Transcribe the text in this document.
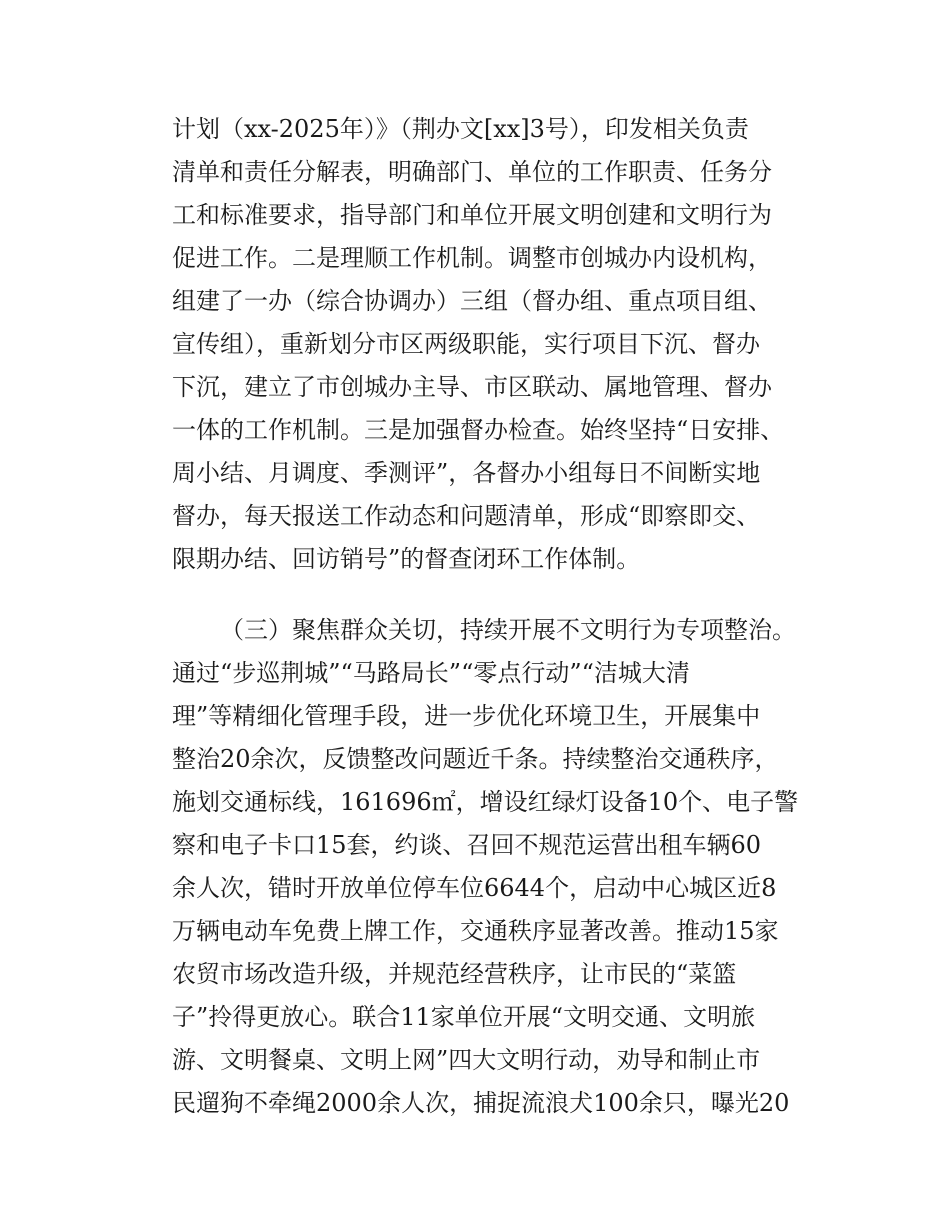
计划（xx-2025年）》（荆办文[xx]3号），印发相关负责
清单和责任分解表，明确部门、单位的工作职责、任务分
工和标准要求，指导部门和单位开展文明创建和文明行为
促进工作。二是理顺工作机制。调整市创城办内设机构，
组建了一办（综合协调办）三组（督办组、重点项目组、
宣传组），重新划分市区两级职能，实行项目下沉、督办
下沉，建立了市创城办主导、市区联动、属地管理、督办
一体的工作机制。三是加强督办检查。始终坚持“日安排、
周小结、月调度、季测评”，各督办小组每日不间断实地
督办，每天报送工作动态和问题清单，形成“即察即交、
限期办结、回访销号”的督查闭环工作体制。
（三）聚焦群众关切，持续开展不文明行为专项整治。
通过“步巡荆城”“马路局长”“零点行动”“洁城大清
理”等精细化管理手段，进一步优化环境卫生，开展集中
整治20余次，反馈整改问题近千条。持续整治交通秩序，
施划交通标线，161696㎡，增设红绿灯设备10个、电子警
察和电子卡口15套，约谈、召回不规范运营出租车辆60
余人次，错时开放单位停车位6644个，启动中心城区近8
万辆电动车免费上牌工作，交通秩序显著改善。推动15家
农贸市场改造升级，并规范经营秩序，让市民的“菜篮
子”拎得更放心。联合11家单位开展“文明交通、文明旅
游、文明餐桌、文明上网”四大文明行动，劝导和制止市
民遛狗不牵绳2000余人次，捕捉流浪犬100余只，曝光20
